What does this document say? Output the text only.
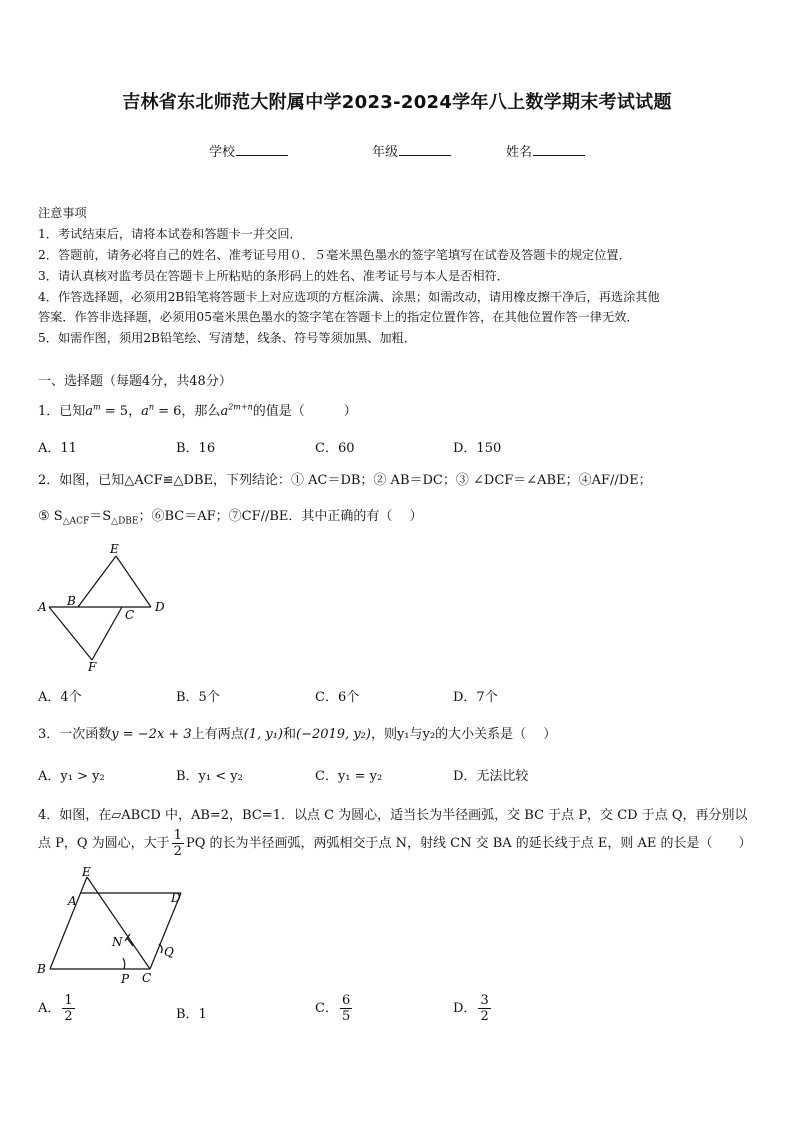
吉林省东北师范大附属中学2023-2024学年八上数学期末考试试题
学校	年级	姓名
注意事项
1．考试结束后，请将本试卷和答题卡一并交回．
2．答题前，请务必将自己的姓名、准考证号用０．５毫米黑色墨水的签字笔填写在试卷及答题卡的规定位置．
3．请认真核对监考员在答题卡上所粘贴的条形码上的姓名、准考证号与本人是否相符．
4．作答选择题，必须用2B铅笔将答题卡上对应选项的方框涂满、涂黑；如需改动，请用橡皮擦干净后，再选涂其他
答案．作答非选择题，必须用05毫米黑色墨水的签字笔在答题卡上的指定位置作答，在其他位置作答一律无效．
5．如需作图，须用2B铅笔绘、写清楚，线条、符号等须加黑、加粗．
一、选择题（每题4分，共48分）
1．已知$a^m = 5$，$a^n = 6$，那么$a^{2m+n}$的值是（　　　）
A．11	B．16	C．60	D．150
2．如图，已知△ACF≌△DBE，下列结论：① AC＝DB；② AB＝DC；③ ∠DCF＝∠ABE；④AF//DE；
⑤ $S_{\triangle ACF}=S_{\triangle DBE}$；⑥BC＝AF；⑦CF//BE．其中正确的有（　 ）
E
A B
C
D
F
A．4个	B．5个	C．6个	D．7个
3．一次函数y = −2x + 3上有两点(1, y₁)和(−2019, y₂)，则y₁与y₂的大小关系是（　 ）
A．y₁ > y₂	B．y₁ < y₂	C．y₁ = y₂	D．无法比较
4．如图，在▱ABCD 中，AB=2，BC=1．以点 C 为圆心，适当长为半径画弧，交 BC 于点 P，交 CD 于点 Q，再分别以
点 P，Q 为圆心，大于 $\frac{1}{2}$ PQ 的长为半径画弧，两弧相交于点 N，射线 CN 交 BA 的延长线于点 E，则 AE 的长是（　　）
E
A	D
N
Q
B
P C
A． $\frac{1}{2}$	B．1	C． $\frac{6}{5}$	D． $\frac{3}{2}$
